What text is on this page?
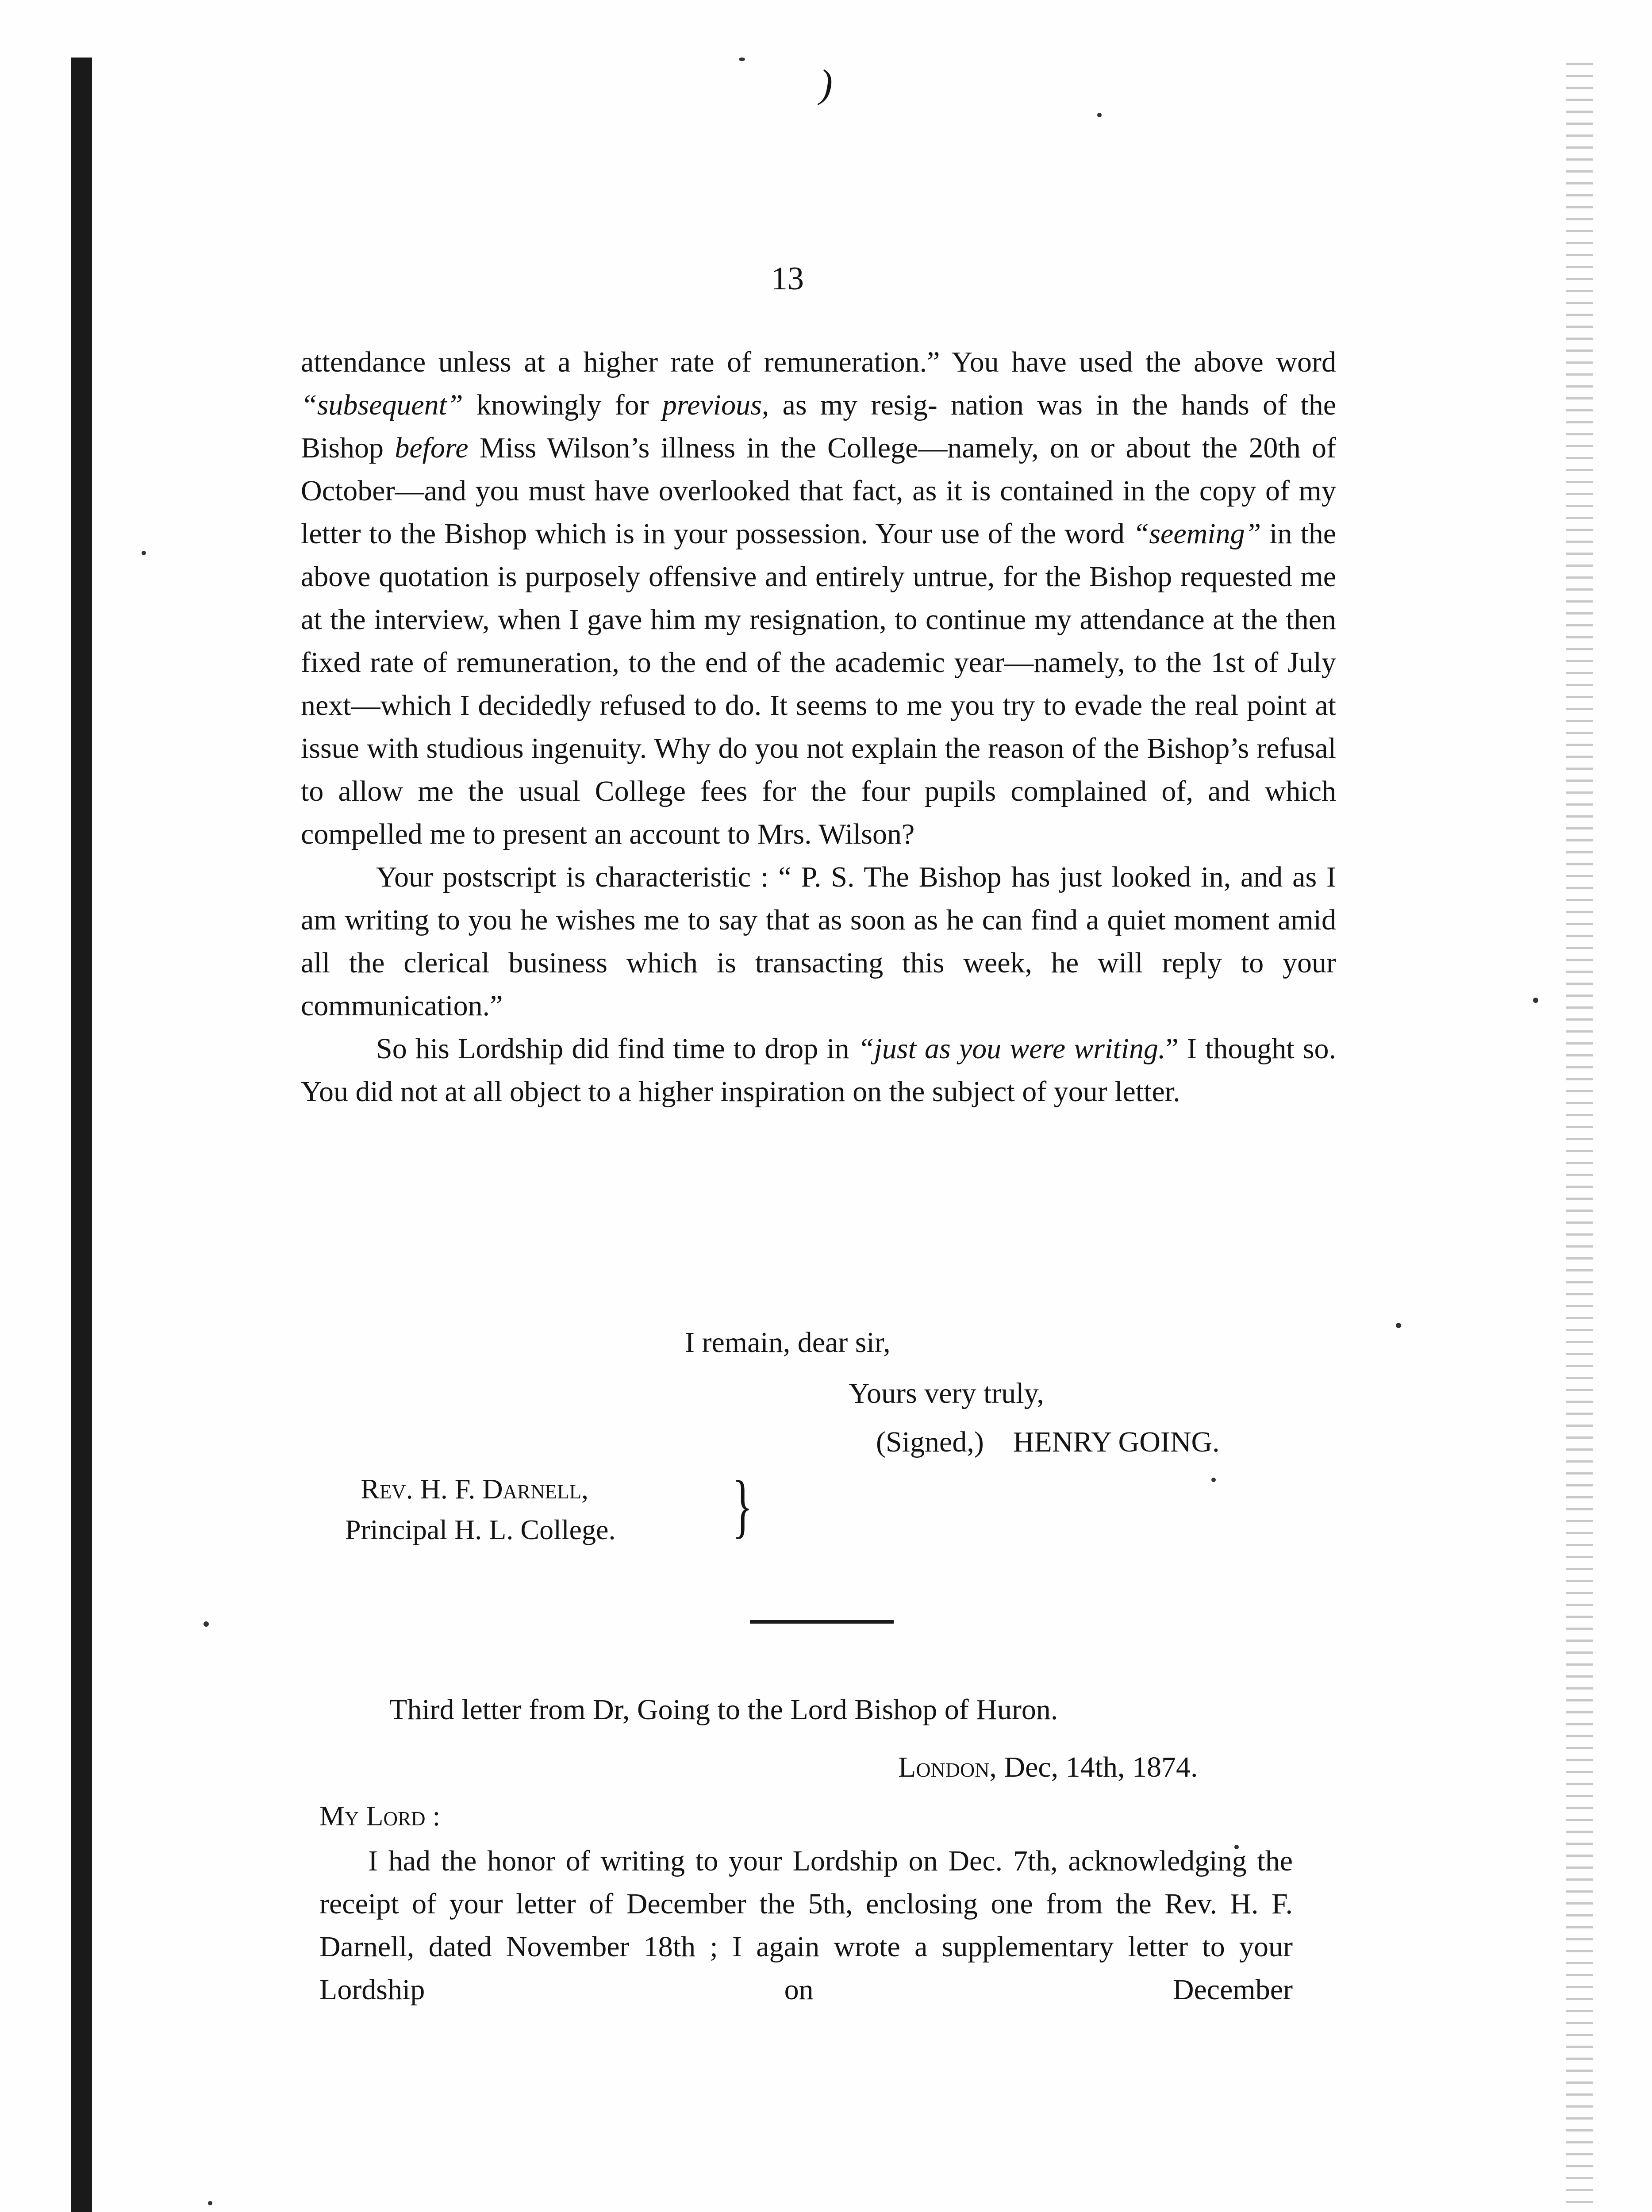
)
13

attendance unless at a higher rate of remuneration.” You have used the above word “subsequent” knowingly for previous, as my resig- nation was in the hands of the Bishop before Miss Wilson’s illness in the College—namely, on or about the 20th of October—and you must have overlooked that fact, as it is contained in the copy of my letter to the Bishop which is in your possession. Your use of the word “seeming” in the above quotation is purposely offensive and entirely untrue, for the Bishop requested me at the interview, when I gave him my resignation, to continue my attendance at the then fixed rate of remuneration, to the end of the academic year—namely, to the 1st of July next—which I decidedly refused to do. It seems to me you try to evade the real point at issue with studious ingenuity. Why do you not explain the reason of the Bishop’s refusal to allow me the usual College fees for the four pupils complained of, and which compelled me to present an account to Mrs. Wilson?

Your postscript is characteristic : “ P. S. The Bishop has just looked in, and as I am writing to you he wishes me to say that as soon as he can find a quiet moment amid all the clerical business which is transacting this week, he will reply to your communication.”

So his Lordship did find time to drop in “just as you were writing.” I thought so. You did not at all object to a higher inspiration on the subject of your letter.

I remain, dear sir,
Yours very truly,
(Signed,) HENRY GOING.
Rev. H. F. Darnell,
Principal H. L. College. }
Third letter from Dr, Going to the Lord Bishop of Huron.
London, Dec, 14th, 1874.
My Lord :

I had the honor of writing to your Lordship on Dec. 7th, acknowledging the receipt of your letter of December the 5th, enclosing one from the Rev. H. F. Darnell, dated November 18th ; I again wrote a supplementary letter to your Lordship on December
